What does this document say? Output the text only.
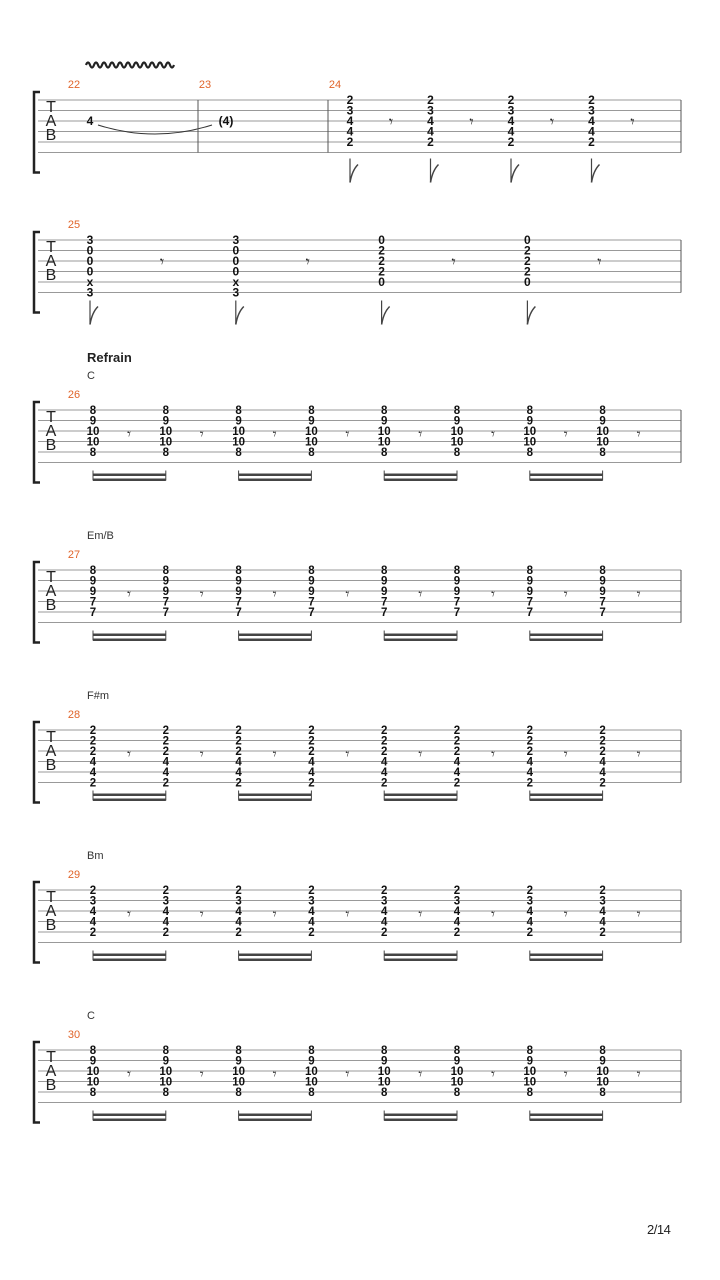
T
A
B
22
4
23
(4)
24
2
3
4
4
2
𝄾
2
3
4
4
2
𝄾
2
3
4
4
2
𝄾
2
3
4
4
2
𝄾
T
A
B
25
3
0
0
0
x
3
𝄾
3
0
0
0
x
3
𝄾
0
2
2
2
0
𝄾
0
2
2
2
0
𝄾
Refrain
C
T
A
B
26
8
9
10
10
8
𝄾
8
9
10
10
8
𝄾
8
9
10
10
8
𝄾
8
9
10
10
8
𝄾
8
9
10
10
8
𝄾
8
9
10
10
8
𝄾
8
9
10
10
8
𝄾
8
9
10
10
8
𝄾
Em/B
T
A
B
27
8
9
9
7
7
𝄾
8
9
9
7
7
𝄾
8
9
9
7
7
𝄾
8
9
9
7
7
𝄾
8
9
9
7
7
𝄾
8
9
9
7
7
𝄾
8
9
9
7
7
𝄾
8
9
9
7
7
𝄾
F#m
T
A
B
28
2
2
2
4
4
2
𝄾
2
2
2
4
4
2
𝄾
2
2
2
4
4
2
𝄾
2
2
2
4
4
2
𝄾
2
2
2
4
4
2
𝄾
2
2
2
4
4
2
𝄾
2
2
2
4
4
2
𝄾
2
2
2
4
4
2
𝄾
Bm
T
A
B
29
2
3
4
4
2
𝄾
2
3
4
4
2
𝄾
2
3
4
4
2
𝄾
2
3
4
4
2
𝄾
2
3
4
4
2
𝄾
2
3
4
4
2
𝄾
2
3
4
4
2
𝄾
2
3
4
4
2
𝄾
C
T
A
B
30
8
9
10
10
8
𝄾
8
9
10
10
8
𝄾
8
9
10
10
8
𝄾
8
9
10
10
8
𝄾
8
9
10
10
8
𝄾
8
9
10
10
8
𝄾
8
9
10
10
8
𝄾
8
9
10
10
8
𝄾
2/14
